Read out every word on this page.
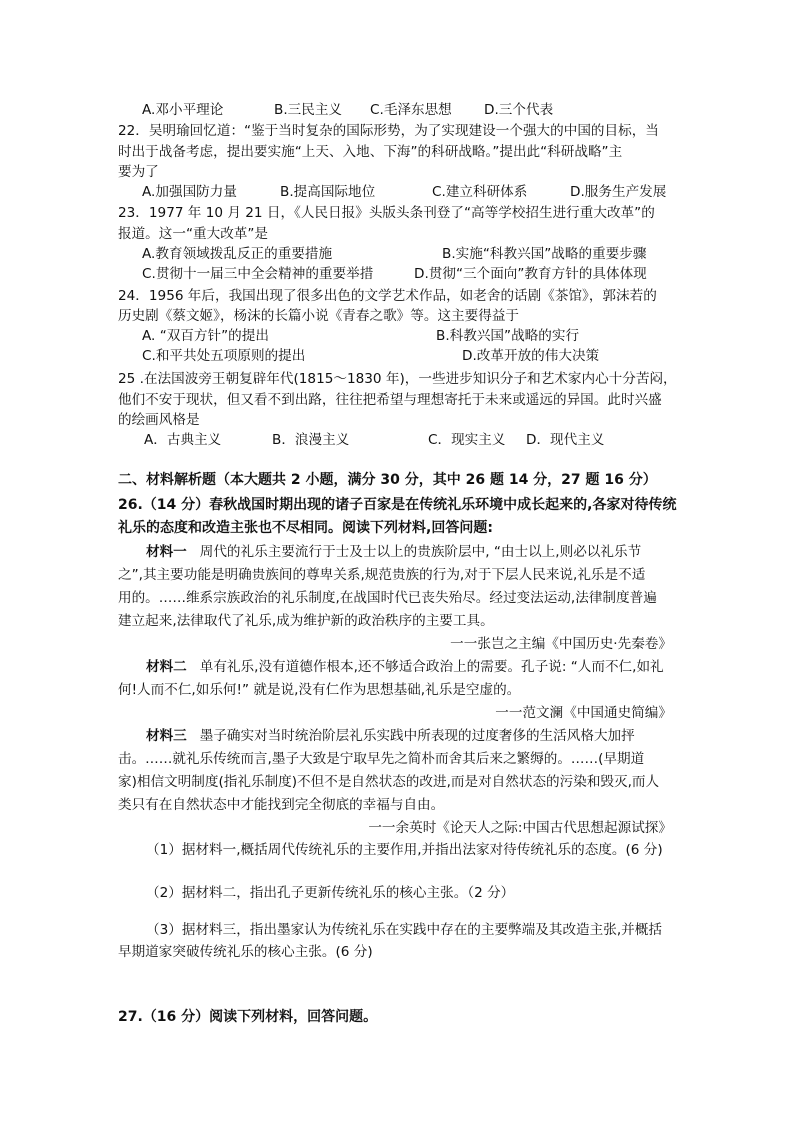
A.邓小平理论	B.三民主义 C.毛泽东思想 D.三个代表
22．吴明瑜回忆道：“鉴于当时复杂的国际形势，为了实现建设一个强大的中国的目标，当
时出于战备考虑，提出要实施“上天、入地、下海”的科研战略。”提出此“科研战略”主
要为了
A.加强国防力量	B.提高国际地位	C.建立科研体系	D.服务生产发展
23．1977 年 10 月 21 日，《人民日报》头版头条刊登了“高等学校招生进行重大改革”的
报道。这一“重大改革”是
A.教育领域拨乱反正的重要措施	B.实施“科教兴国”战略的重要步骤
C.贯彻十一届三中全会精神的重要举措	D.贯彻“三个面向”教育方针的具体体现
24．1956 年后，我国出现了很多出色的文学艺术作品，如老舍的话剧《茶馆》，郭沫若的
历史剧《蔡文姬》，杨沫的长篇小说《青春之歌》等。这主要得益于
A. “双百方针”的提出	B.科教兴国”战略的实行
C.和平共处五项原则的提出	D.改革开放的伟大决策
25 .在法国波旁王朝复辟年代(1815～1830 年)，一些进步知识分子和艺术家内心十分苦闷，
他们不安于现状，但又看不到出路，往往把希望与理想寄托于未来或遥远的异国。此时兴盛
的绘画风格是
A．古典主义	B．浪漫主义	C．现实主义 D．现代主义
二、材料解析题（本大题共 2 小题，满分 30 分，其中 26 题 14 分，27 题 16 分）
26.（14 分）春秋战国时期出现的诸子百家是在传统礼乐环境中成长起来的,各家对待传统
礼乐的态度和改造主张也不尽相同。阅读下列材料,回答问题:
材料一 周代的礼乐主要流行于士及士以上的贵族阶层中, “由士以上,则必以礼乐节
之”,其主要功能是明确贵族间的尊卑关系,规范贵族的行为,对于下层人民来说,礼乐是不适
用的。……维系宗族政治的礼乐制度,在战国时代已丧失殆尽。经过变法运动,法律制度普遍
建立起来,法律取代了礼乐,成为维护新的政治秩序的主要工具。
一一张岂之主编《中国历史·先秦卷》
材料二 单有礼乐,没有道德作根本,还不够适合政治上的需要。孔子说: “人而不仁,如礼
何!人而不仁,如乐何!” 就是说,没有仁作为思想基础,礼乐是空虚的。
一一范文澜《中国通史简编》
材料三 墨子确实对当时统治阶层礼乐实践中所表现的过度奢侈的生活风格大加抨
击。……就礼乐传统而言,墨子大致是宁取早先之简朴而舍其后来之繁缛的。……(早期道
家)相信文明制度(指礼乐制度)不但不是自然状态的改进,而是对自然状态的污染和毁灭,而人
类只有在自然状态中才能找到完全彻底的幸福与自由。
一一余英时《论天人之际:中国古代思想起源试探》
（1）据材料一,概括周代传统礼乐的主要作用,并指出法家对待传统礼乐的态度。(6 分)
（2）据材料二，指出孔子更新传统礼乐的核心主张。（2 分）
（3）据材料三，指出墨家认为传统礼乐在实践中存在的主要弊端及其改造主张,并概括
早期道家突破传统礼乐的核心主张。(6 分)
27.（16 分）阅读下列材料，回答问题。
